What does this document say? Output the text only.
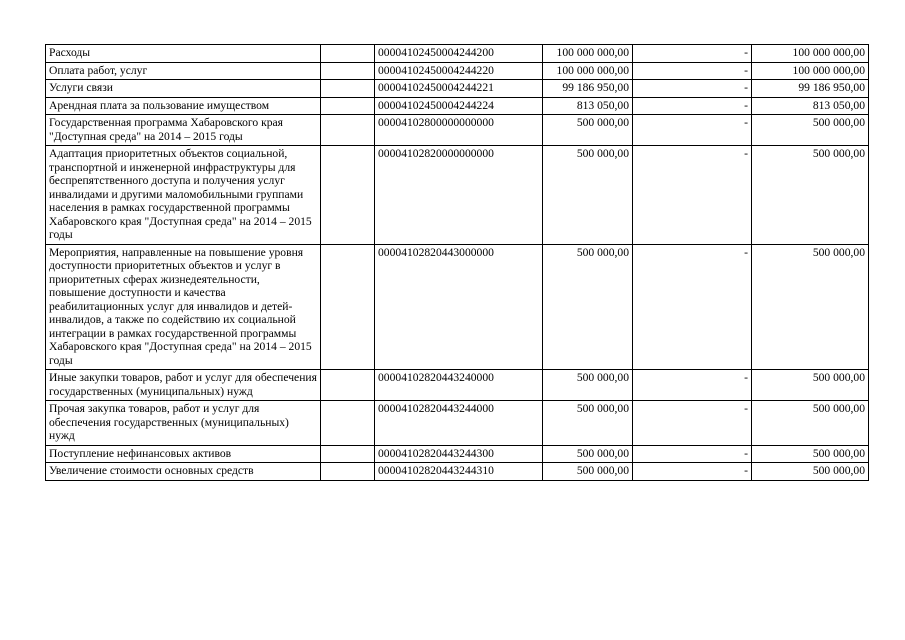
Расходы		00004102450004244200	100 000 000,00	-	100 000 000,00
Оплата работ, услуг		00004102450004244220	100 000 000,00	-	100 000 000,00
Услуги связи		00004102450004244221	99 186 950,00	-	99 186 950,00
Арендная плата за пользование имуществом		00004102450004244224	813 050,00	-	813 050,00
Государственная программа Хабаровского края "Доступная среда" на 2014 – 2015 годы		00004102800000000000	500 000,00	-	500 000,00
Адаптация приоритетных объектов социальной, транспортной и инженерной инфраструктуры для беспрепятственного доступа и получения услуг инвалидами и другими маломобильными группами населения в рамках государственной программы Хабаровского края "Доступная среда" на 2014 – 2015 годы		00004102820000000000	500 000,00	-	500 000,00
Мероприятия, направленные на повышение уровня доступности приоритетных объектов и услуг в приоритетных сферах жизнедеятельности, повышение доступности и качества реабилитационных услуг для инвалидов и детей-инвалидов, а также по содействию их социальной интеграции в рамках государственной программы Хабаровского края "Доступная среда" на 2014 – 2015 годы		00004102820443000000	500 000,00	-	500 000,00
Иные закупки товаров, работ и услуг для обеспечения государственных (муниципальных) нужд		00004102820443240000	500 000,00	-	500 000,00
Прочая закупка товаров, работ и услуг для обеспечения государственных (муниципальных) нужд		00004102820443244000	500 000,00	-	500 000,00
Поступление нефинансовых активов		00004102820443244300	500 000,00	-	500 000,00
Увеличение стоимости основных средств		00004102820443244310	500 000,00	-	500 000,00
